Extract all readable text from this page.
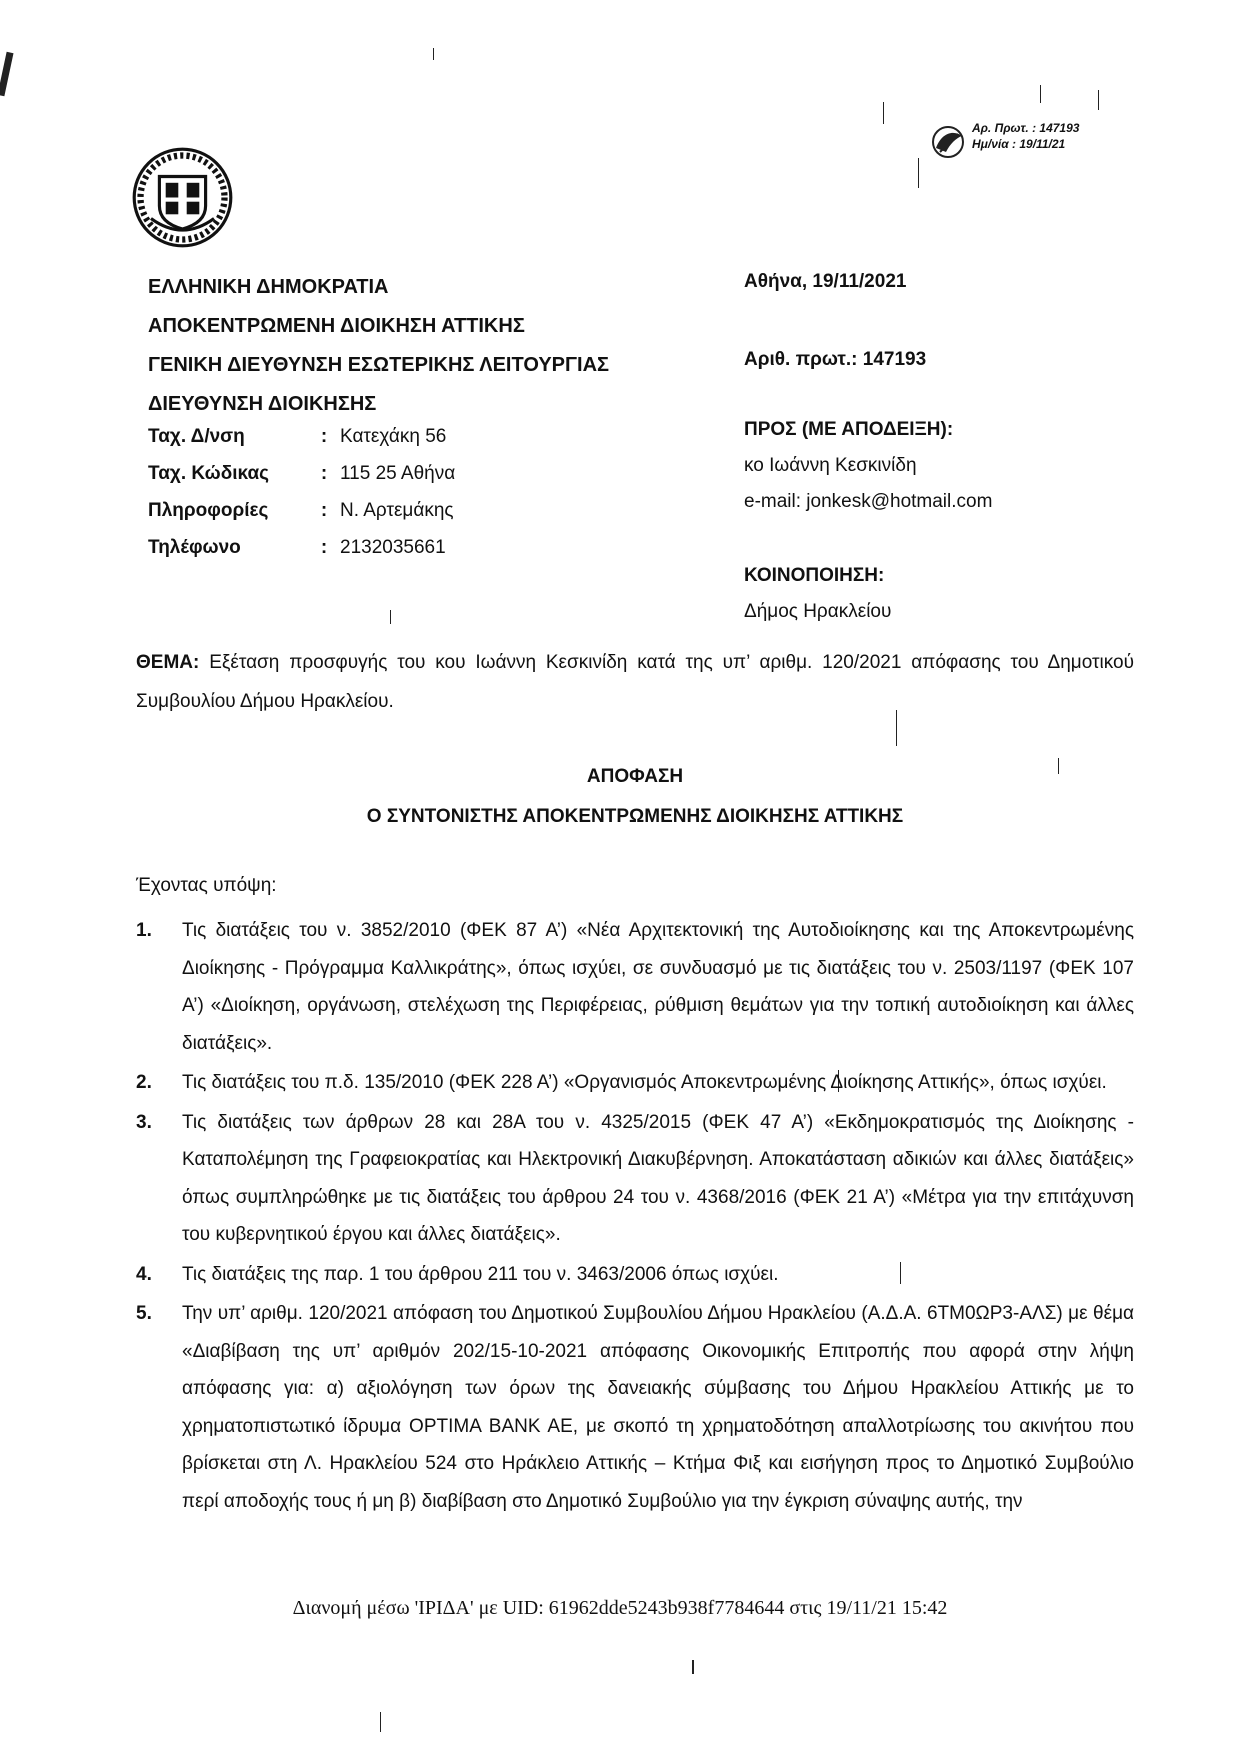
Αρ. Πρωτ. : 147193
Ημ/νία : 19/11/21
ΕΛΛΗΝΙΚΗ ΔΗΜΟΚΡΑΤΙΑ
ΑΠΟΚΕΝΤΡΩΜΕΝΗ ΔΙΟΙΚΗΣΗ ΑΤΤΙΚΗΣ
ΓΕΝΙΚΗ ΔΙΕΥΘΥΝΣΗ ΕΣΩΤΕΡΙΚΗΣ ΛΕΙΤΟΥΡΓΙΑΣ
ΔΙΕΥΘΥΝΣΗ ΔΙΟΙΚΗΣΗΣ
Ταχ. Δ/νση	: Κατεχάκη 56
Ταχ. Κώδικας	: 115 25 Αθήνα
Πληροφορίες	: Ν. Αρτεμάκης
Τηλέφωνο	: 2132035661
Αθήνα, 19/11/2021
Αριθ. πρωτ.: 147193
ΠΡΟΣ (ΜΕ ΑΠΟΔΕΙΞΗ):
κο Ιωάννη Κεσκινίδη
e-mail: jonkesk@hotmail.com
ΚΟΙΝΟΠΟΙΗΣΗ:
Δήμος Ηρακλείου
ΘΕΜΑ: Εξέταση προσφυγής του κου Ιωάννη Κεσκινίδη κατά της υπ’ αριθμ. 120/2021 απόφασης του Δημοτικού Συμβουλίου Δήμου Ηρακλείου.
ΑΠΟΦΑΣΗ
Ο ΣΥΝΤΟΝΙΣΤΗΣ ΑΠΟΚΕΝΤΡΩΜΕΝΗΣ ΔΙΟΙΚΗΣΗΣ ΑΤΤΙΚΗΣ
Έχοντας υπόψη:
1.	Τις διατάξεις του ν. 3852/2010 (ΦΕΚ 87 Α’) «Νέα Αρχιτεκτονική της Αυτοδιοίκησης και της Αποκεντρωμένης Διοίκησης - Πρόγραμμα Καλλικράτης», όπως ισχύει, σε συνδυασμό με τις διατάξεις του ν. 2503/1197 (ΦΕΚ 107 Α’) «Διοίκηση, οργάνωση, στελέχωση της Περιφέρειας, ρύθμιση θεμάτων για την τοπική αυτοδιοίκηση και άλλες διατάξεις».
2.	Τις διατάξεις του π.δ. 135/2010 (ΦΕΚ 228 Α’) «Οργανισμός Αποκεντρωμένης Διοίκησης Αττικής», όπως ισχύει.
3.	Τις διατάξεις των άρθρων 28 και 28Α του ν. 4325/2015 (ΦΕΚ 47 Α’) «Εκδημοκρατισμός της Διοίκησης - Καταπολέμηση της Γραφειοκρατίας και Ηλεκτρονική Διακυβέρνηση. Αποκατάσταση αδικιών και άλλες διατάξεις» όπως συμπληρώθηκε με τις διατάξεις του άρθρου 24 του ν. 4368/2016 (ΦΕΚ 21 Α’) «Μέτρα για την επιτάχυνση του κυβερνητικού έργου και άλλες διατάξεις».
4.	Τις διατάξεις της παρ. 1 του άρθρου 211 του ν. 3463/2006 όπως ισχύει.
5.	Την υπ’ αριθμ. 120/2021 απόφαση του Δημοτικού Συμβουλίου Δήμου Ηρακλείου (Α.Δ.Α. 6ΤΜ0ΩΡ3-ΑΛΣ) με θέμα «Διαβίβαση της υπ’ αριθμόν 202/15-10-2021 απόφασης Οικονομικής Επιτροπής που αφορά στην λήψη απόφασης για: α) αξιολόγηση των όρων της δανειακής σύμβασης του Δήμου Ηρακλείου Αττικής με το χρηματοπιστωτικό ίδρυμα OPTIMA BANK AE, με σκοπό τη χρηματοδότηση απαλλοτρίωσης του ακινήτου που βρίσκεται στη Λ. Ηρακλείου 524 στο Ηράκλειο Αττικής – Κτήμα Φιξ και εισήγηση προς το Δημοτικό Συμβούλιο περί αποδοχής τους ή μη β) διαβίβαση στο Δημοτικό Συμβούλιο για την έγκριση σύναψης αυτής, την
Διανομή μέσω 'ΙΡΙΔΑ' με UID: 61962dde5243b938f7784644 στις 19/11/21 15:42
